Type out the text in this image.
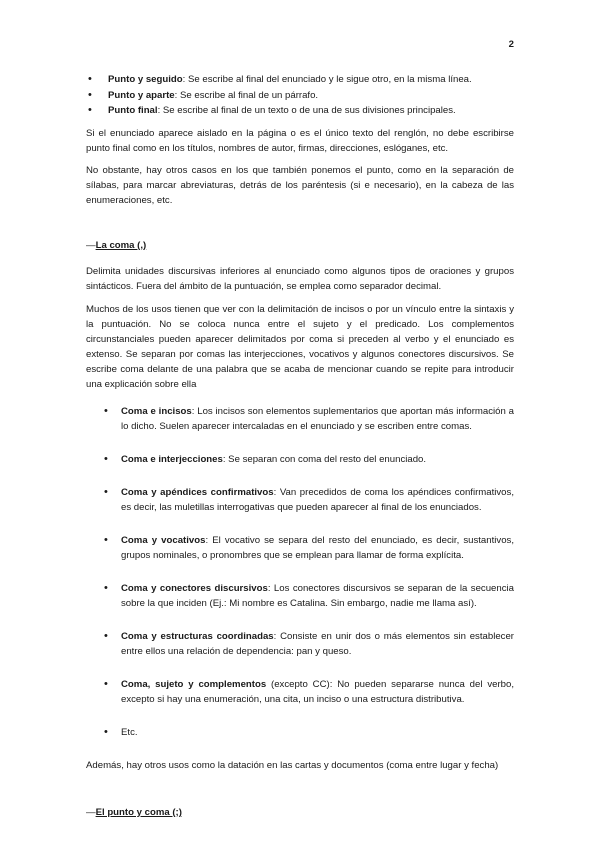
2
• Punto y seguido: Se escribe al final del enunciado y le sigue otro, en la misma línea.
• Punto y aparte: Se escribe al final de un párrafo.
• Punto final: Se escribe al final de un texto o de una de sus divisiones principales.

Si el enunciado aparece aislado en la página o es el único texto del renglón, no debe escribirse punto final como en los títulos, nombres de autor, firmas, direcciones, eslóganes, etc.

No obstante, hay otros casos en los que también ponemos el punto, como en la separación de sílabas, para marcar abreviaturas, detrás de los paréntesis (si e necesario), en la cabeza de las enumeraciones, etc.

—La coma (,)

Delimita unidades discursivas inferiores al enunciado como algunos tipos de oraciones y grupos sintácticos. Fuera del ámbito de la puntuación, se emplea como separador decimal.

Muchos de los usos tienen que ver con la delimitación de incisos o por un vínculo entre la sintaxis y la puntuación. No se coloca nunca entre el sujeto y el predicado. Los complementos circunstanciales pueden aparecer delimitados por coma si preceden al verbo y el enunciado es extenso. Se separan por comas las interjecciones, vocativos y algunos conectores discursivos. Se escribe coma delante de una palabra que se acaba de mencionar cuando se repite para introducir una explicación sobre ella

• Coma e incisos: Los incisos son elementos suplementarios que aportan más información a lo dicho. Suelen aparecer intercaladas en el enunciado y se escriben entre comas.
• Coma e interjecciones: Se separan con coma del resto del enunciado.
• Coma y apéndices confirmativos: Van precedidos de coma los apéndices confirmativos, es decir, las muletillas interrogativas que pueden aparecer al final de los enunciados.
• Coma y vocativos: El vocativo se separa del resto del enunciado, es decir, sustantivos, grupos nominales, o pronombres que se emplean para llamar de forma explícita.
• Coma y conectores discursivos: Los conectores discursivos se separan de la secuencia sobre la que inciden (Ej.: Mi nombre es Catalina. Sin embargo, nadie me llama así).
• Coma y estructuras coordinadas: Consiste en unir dos o más elementos sin establecer entre ellos una relación de dependencia: pan y queso.
• Coma, sujeto y complementos (excepto CC): No pueden separarse nunca del verbo, excepto si hay una enumeración, una cita, un inciso o una estructura distributiva.
• Etc.

Además, hay otros usos como la datación en las cartas y documentos (coma entre lugar y fecha)

—El punto y coma (;)
